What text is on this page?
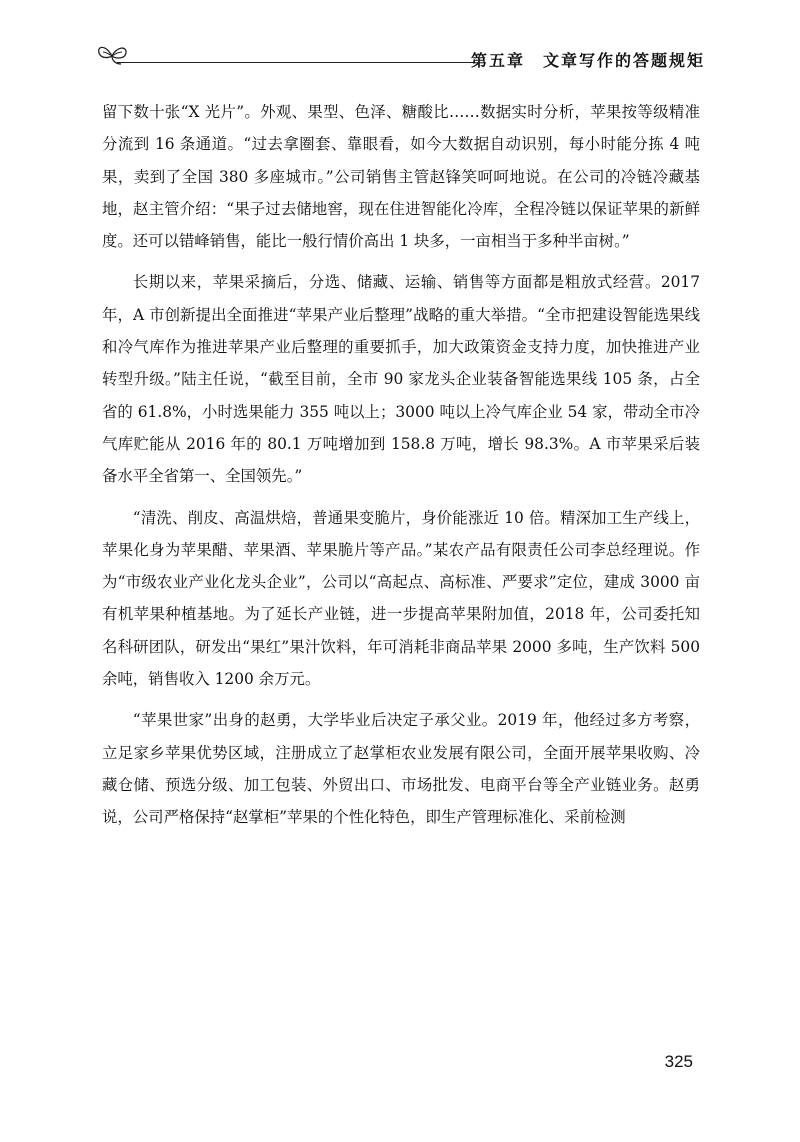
第五章　文章写作的答题规矩

留下数十张“X 光片”。外观、果型、色泽、糖酸比……数据实时分析，苹果按等级精准分流到 16 条通道。“过去拿圈套、靠眼看，如今大数据自动识别，每小时能分拣 4 吨果，卖到了全国 380 多座城市。”公司销售主管赵锋笑呵呵地说。在公司的冷链冷藏基地，赵主管介绍：“果子过去储地窖，现在住进智能化冷库，全程冷链以保证苹果的新鲜度。还可以错峰销售，能比一般行情价高出 1 块多，一亩相当于多种半亩树。”

长期以来，苹果采摘后，分选、储藏、运输、销售等方面都是粗放式经营。2017 年，A 市创新提出全面推进“苹果产业后整理”战略的重大举措。“全市把建设智能选果线和冷气库作为推进苹果产业后整理的重要抓手，加大政策资金支持力度，加快推进产业转型升级。”陆主任说，“截至目前，全市 90 家龙头企业装备智能选果线 105 条，占全省的 61.8%，小时选果能力 355 吨以上；3000 吨以上冷气库企业 54 家，带动全市冷气库贮能从 2016 年的 80.1 万吨增加到 158.8 万吨，增长 98.3%。A 市苹果采后装备水平全省第一、全国领先。”

“清洗、削皮、高温烘焙，普通果变脆片，身价能涨近 10 倍。精深加工生产线上，苹果化身为苹果醋、苹果酒、苹果脆片等产品。”某农产品有限责任公司李总经理说。作为“市级农业产业化龙头企业”，公司以“高起点、高标准、严要求”定位，建成 3000 亩有机苹果种植基地。为了延长产业链，进一步提高苹果附加值，2018 年，公司委托知名科研团队，研发出“果红”果汁饮料，年可消耗非商品苹果 2000 多吨，生产饮料 500 余吨，销售收入 1200 余万元。

“苹果世家”出身的赵勇，大学毕业后决定子承父业。2019 年，他经过多方考察，立足家乡苹果优势区域，注册成立了赵掌柜农业发展有限公司，全面开展苹果收购、冷藏仓储、预选分级、加工包装、外贸出口、市场批发、电商平台等全产业链业务。赵勇说，公司严格保持“赵掌柜”苹果的个性化特色，即生产管理标准化、采前检测

325
